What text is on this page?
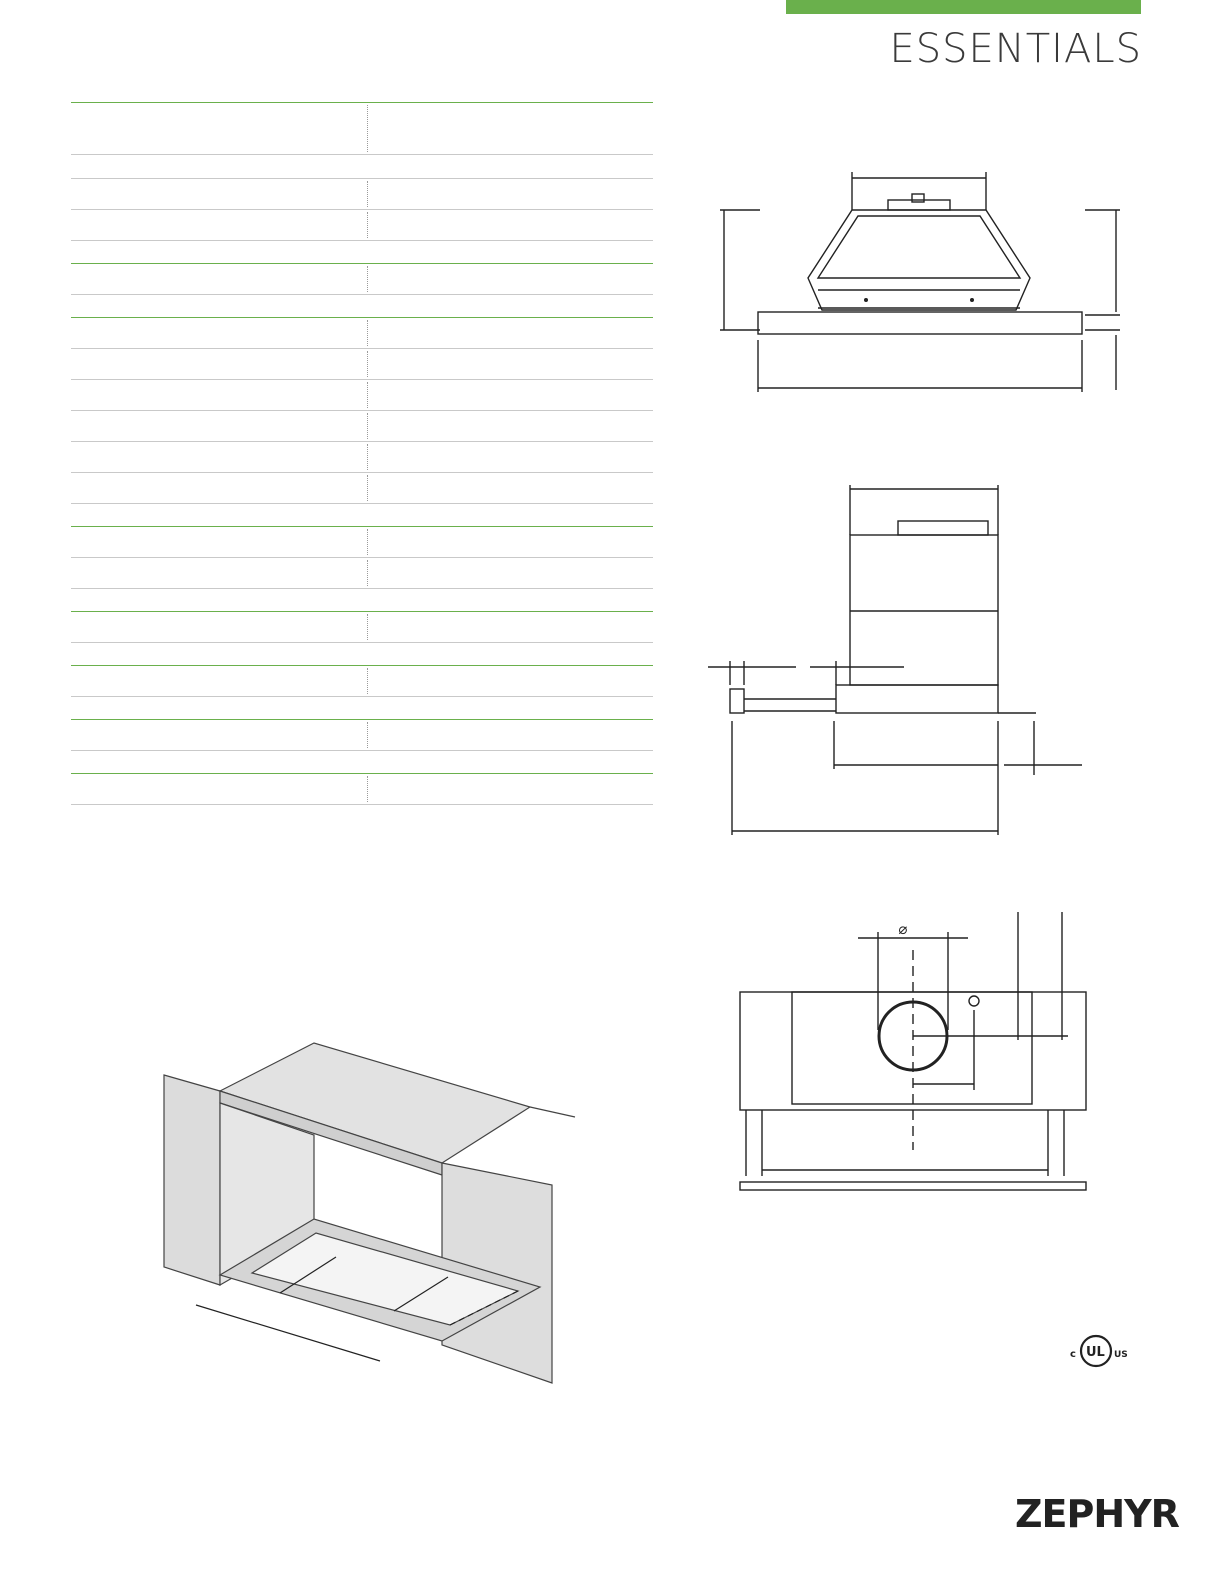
ESSENTIALS
⌀
c UL US
ZEPHYR
